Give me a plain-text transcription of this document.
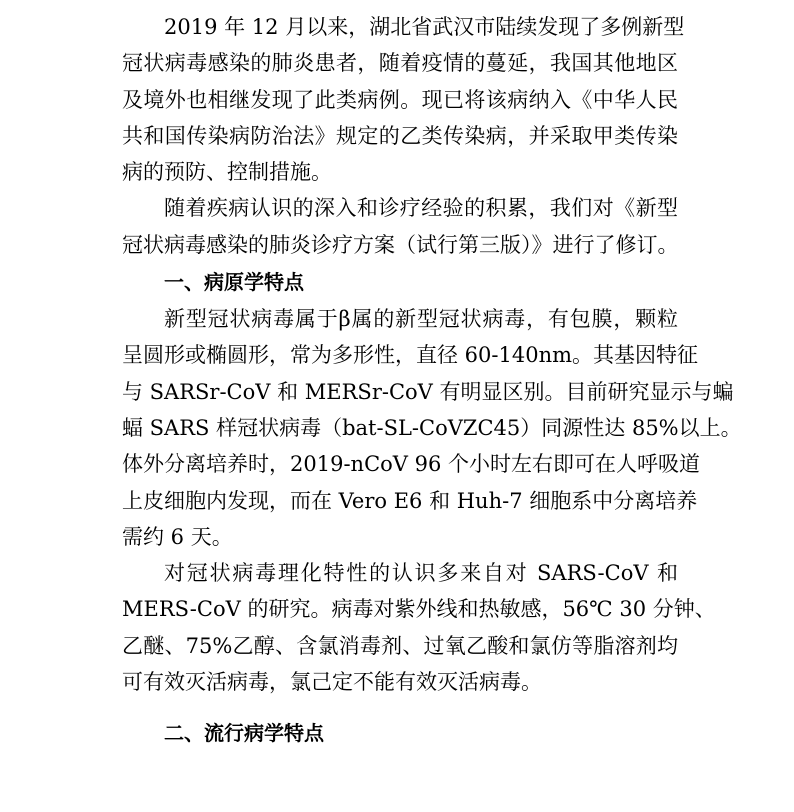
2019 年 12 月以来，湖北省武汉市陆续发现了多例新型
冠状病毒感染的肺炎患者，随着疫情的蔓延，我国其他地区
及境外也相继发现了此类病例。现已将该病纳入《中华人民
共和国传染病防治法》规定的乙类传染病，并采取甲类传染
病的预防、控制措施。
随着疾病认识的深入和诊疗经验的积累，我们对《新型
冠状病毒感染的肺炎诊疗方案（试行第三版）》进行了修订。
一、病原学特点
新型冠状病毒属于β属的新型冠状病毒，有包膜，颗粒
呈圆形或椭圆形，常为多形性，直径 60-140nm。其基因特征
与 SARSr-CoV 和 MERSr-CoV 有明显区别。目前研究显示与蝙
蝠 SARS 样冠状病毒（bat-SL-CoVZC45）同源性达 85%以上。
体外分离培养时，2019-nCoV 96 个小时左右即可在人呼吸道
上皮细胞内发现，而在 Vero E6 和 Huh-7 细胞系中分离培养
需约 6 天。
对冠状病毒理化特性的认识多来自对 SARS-CoV 和
MERS-CoV 的研究。病毒对紫外线和热敏感，56℃ 30 分钟、
乙醚、75%乙醇、含氯消毒剂、过氧乙酸和氯仿等脂溶剂均
可有效灭活病毒，氯己定不能有效灭活病毒。
二、流行病学特点
